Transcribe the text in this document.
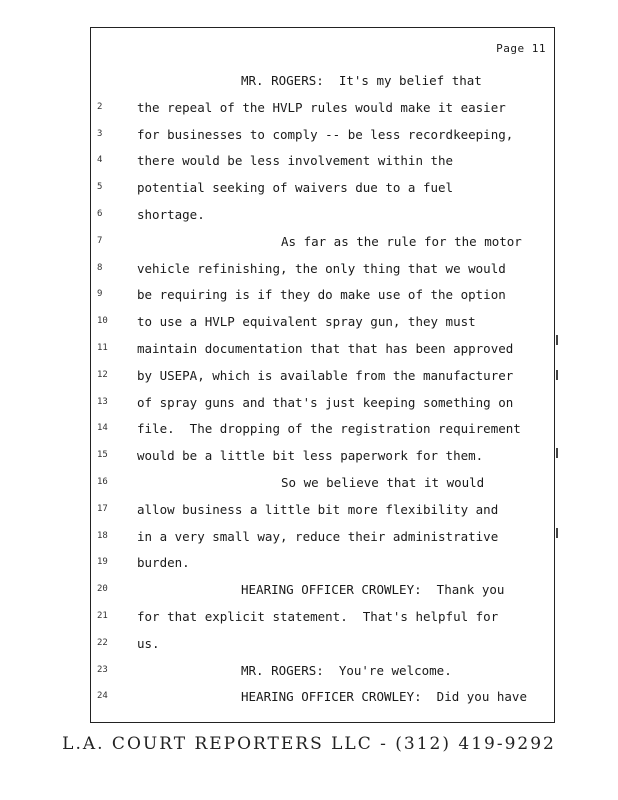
Page 11
MR. ROGERS:  It's my belief that
2	the repeal of the HVLP rules would make it easier
3	for businesses to comply -- be less recordkeeping,
4	there would be less involvement within the
5	potential seeking of waivers due to a fuel
6	shortage.
7	As far as the rule for the motor
8	vehicle refinishing, the only thing that we would
9	be requiring is if they do make use of the option
10	to use a HVLP equivalent spray gun, they must
11	maintain documentation that that has been approved
12	by USEPA, which is available from the manufacturer
13	of spray guns and that's just keeping something on
14	file.  The dropping of the registration requirement
15	would be a little bit less paperwork for them.
16	So we believe that it would
17	allow business a little bit more flexibility and
18	in a very small way, reduce their administrative
19	burden.
20	HEARING OFFICER CROWLEY:  Thank you
21	for that explicit statement.  That's helpful for
22	us.
23	MR. ROGERS:  You're welcome.
24	HEARING OFFICER CROWLEY:  Did you have
L.A. COURT REPORTERS LLC - (312) 419-9292
